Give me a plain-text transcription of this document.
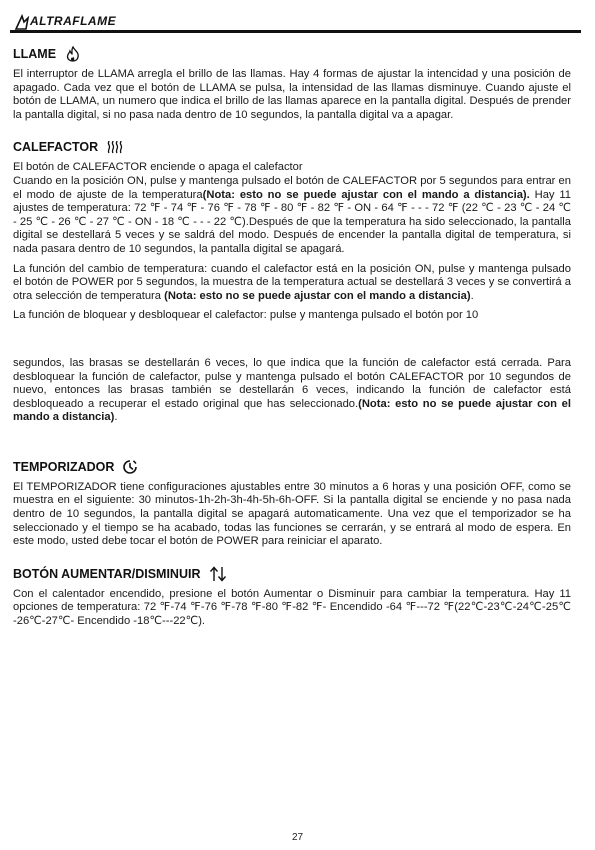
ALTRAFLAME
LLAME

El interruptor de LLAMA arregla el brillo de las llamas. Hay 4 formas de ajustar la intencidad y una posición de apagado. Cada vez que el botón de LLAMA se pulsa, la intensidad de las llamas disminuye. Cuando ajuste el botón de LLAMA, un numero que indica el brillo de las llamas aparece en la pantalla digital. Después de prender la pantalla digital, si no pasa nada dentro de 10 segundos, la pantalla digital va a apagar.

CALEFACTOR

El botón de CALEFACTOR enciende o apaga el calefactor

Cuando en la posición ON, pulse y mantenga pulsado el botón de CALEFACTOR por 5 segundos para entrar en el modo de ajuste de la temperatura(Nota: esto no se puede ajustar con el mando a distancia). Hay 11 ajustes de temperatura: 72 ℉ - 74 ℉ - 76 ℉ - 78 ℉ - 80 ℉ - 82 ℉ - ON - 64 ℉ - - - 72 ℉ (22 ℃ - 23 ℃ - 24 ℃ - 25 ℃ - 26 ℃ - 27 ℃ - ON - 18 ℃ - - - 22 ℃).Después de que la temperatura ha sido seleccionado, la pantalla digital se destellará 5 veces y se saldrá del modo. Después de encender la pantalla digital de temperatura, si nada pasara dentro de 10 segundos, la pantalla digital se apagará.

La función del cambio de temperatura: cuando el calefactor está en la posición ON, pulse y mantenga pulsado el botón de POWER por 5 segundos, la muestra de la temperatura actual se destellará 3 veces y se convertirá a otra selección de temperatura (Nota: esto no se puede ajustar con el mando a distancia).

La función de bloquear y desbloquear el calefactor: pulse y mantenga pulsado el botón por 10

segundos, las brasas se destellarán 6 veces, lo que indica que la función de calefactor está cerrada. Para desbloquear la función de calefactor, pulse y mantenga pulsado el botón CALEFACTOR por 10 segundos de nuevo, entonces las brasas también se destellarán 6 veces, indicando la función de calefactor está desbloqueado a recuperar el estado original que has seleccionado.(Nota: esto no se puede ajustar con el mando a distancia).

TEMPORIZADOR

El TEMPORIZADOR tiene configuraciones ajustables entre 30 minutos a 6 horas y una posición OFF, como se muestra en el siguiente: 30 minutos-1h-2h-3h-4h-5h-6h-OFF. Si la pantalla digital se enciende y no pasa nada dentro de 10 segundos, la pantalla digital se apagará automaticamente. Una vez que el temporizador se ha seleccionado y el tiempo se ha acabado, todas las funciones se cerrarán, y se entrará al modo de espera. En este modo, usted debe tocar el botón de POWER para reiniciar el aparato.

BOTÓN AUMENTAR/DISMINUIR

Con el calentador encendido, presione el botón Aumentar o Disminuir para cambiar la temperatura. Hay 11 opciones de temperatura: 72 ℉-74 ℉-76 ℉-78 ℉-80 ℉-82 ℉- Encendido -64 ℉---72 ℉(22℃-23℃-24℃-25℃ -26℃-27℃- Encendido -18℃---22℃).

27
